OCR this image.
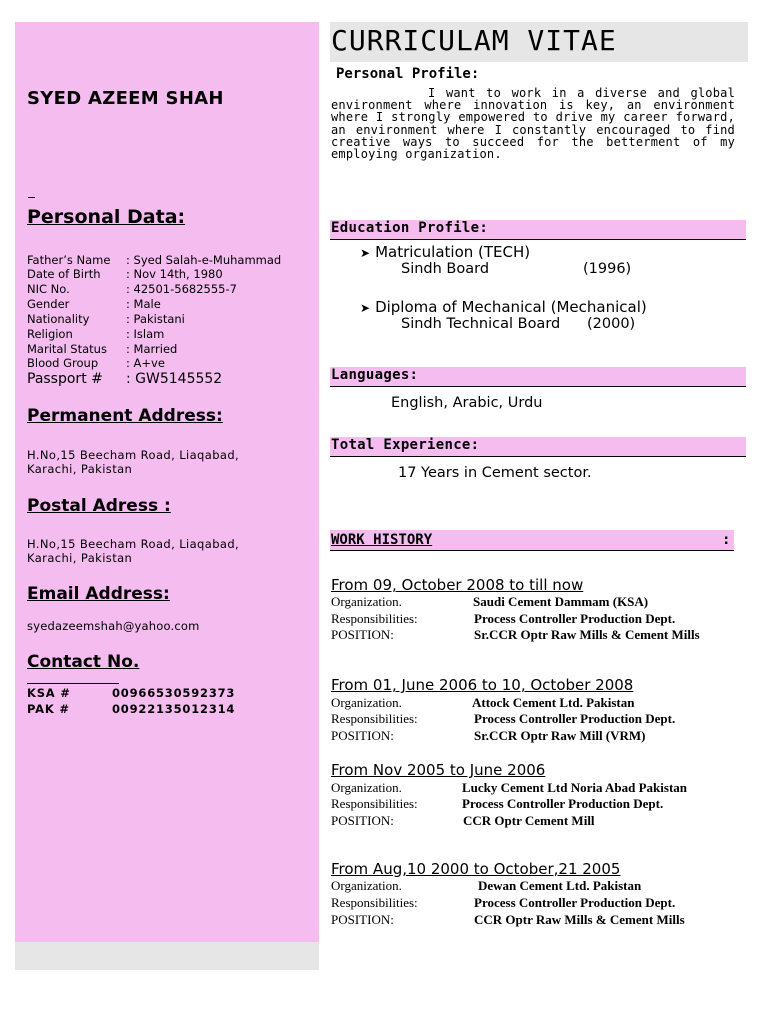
SYED AZEEM SHAH
Personal Data:
Father’s Name : Syed Salah-e-Muhammad
Date of Birth : Nov 14th, 1980
NIC No.	: 42501-5682555-7
Gender	: Male
Nationality	: Pakistani
Religion	: Islam
Marital Status : Married
Blood Group : A+ve
Passport # : GW5145552
Permanent Address:
H.No,15 Beecham Road, Liaqabad,
Karachi, Pakistan
Postal Adress :
H.No,15 Beecham Road, Liaqabad,
Karachi, Pakistan
Email Address:
syedazeemshah@yahoo.com
Contact No.
KSA #	00966530592373
PAK #	00922135012314
CURRICULAM VITAE
Personal Profile:
I want to work in a diverse and global environment where innovation is key, an environment where I strongly empowered to drive my career forward, an environment where I constantly encouraged to find creative ways to succeed for the betterment of my employing organization.
Education Profile:
➤ Matriculation (TECH)
Sindh Board	(1996)
➤ Diploma of Mechanical (Mechanical)
Sindh Technical Board (2000)
Languages:
English, Arabic, Urdu
Total Experience:
17 Years in Cement sector.
WORK HISTORY	:
From 09, October 2008 to till now
Organization.	Saudi Cement Dammam (KSA)
Responsibilities:	Process Controller Production Dept.
POSITION:	Sr.CCR Optr Raw Mills & Cement Mills
From 01, June 2006 to 10, October 2008
Organization.	Attock Cement Ltd. Pakistan
Responsibilities:	Process Controller Production Dept.
POSITION:	Sr.CCR Optr Raw Mill (VRM)
From Nov 2005 to June 2006
Organization.	Lucky Cement Ltd Noria Abad Pakistan
Responsibilities:	Process Controller Production Dept.
POSITION:	CCR Optr Cement Mill
From Aug,10 2000 to October,21 2005
Organization.	Dewan Cement Ltd. Pakistan
Responsibilities:	Process Controller Production Dept.
POSITION:	CCR Optr Raw Mills & Cement Mills
